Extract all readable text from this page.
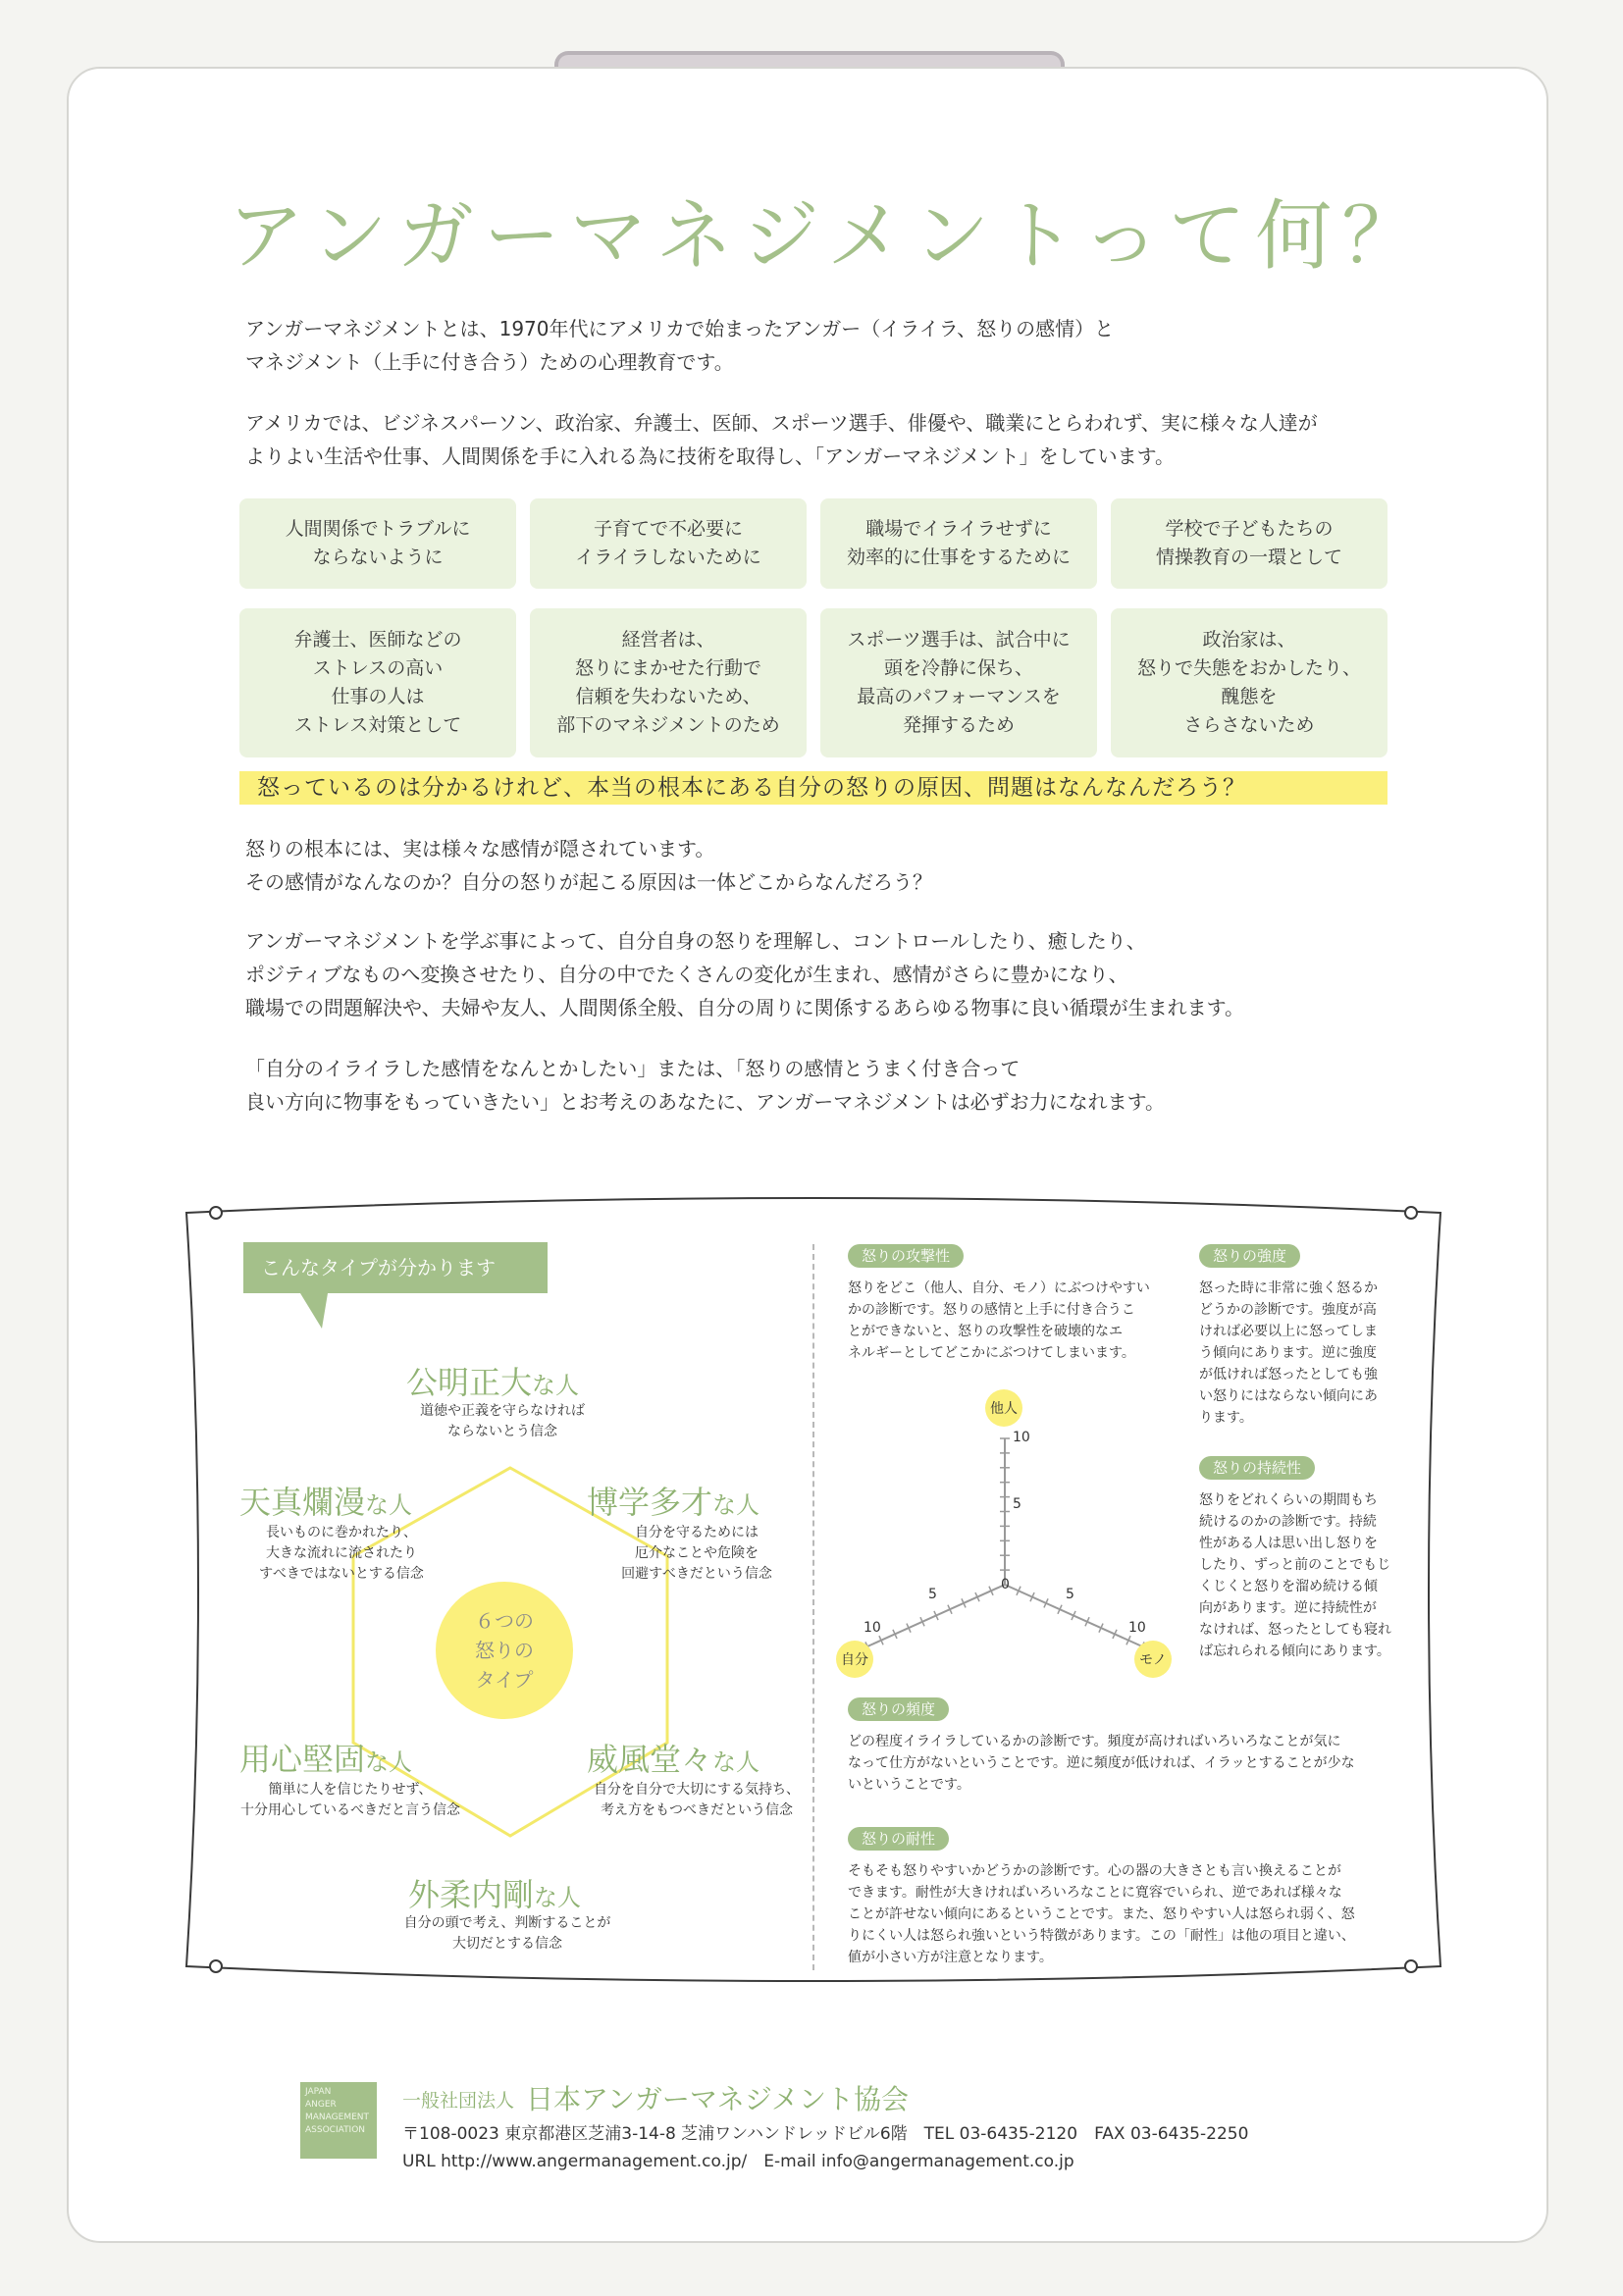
アンガーマネジメントって何？

アンガーマネジメントとは、1970年代にアメリカで始まったアンガー（イライラ、怒りの感情）と

マネジメント（上手に付き合う）ための心理教育です。

アメリカでは、ビジネスパーソン、政治家、弁護士、医師、スポーツ選手、俳優や、職業にとらわれず、実に様々な人達が

よりよい生活や仕事、人間関係を手に入れる為に技術を取得し、「アンガーマネジメント」をしています。

人間関係でトラブルに
ならないように
子育てで不必要に
イライラしないために
職場でイライラせずに
効率的に仕事をするために
学校で子どもたちの
情操教育の一環として
弁護士、医師などの
ストレスの高い
仕事の人は
ストレス対策として
経営者は、
怒りにまかせた行動で
信頼を失わないため、
部下のマネジメントのため
スポーツ選手は、試合中に
頭を冷静に保ち、
最高のパフォーマンスを
発揮するため
政治家は、
怒りで失態をおかしたり、
醜態を
さらさないため
怒っているのは分かるけれど、本当の根本にある自分の怒りの原因、問題はなんなんだろう？

怒りの根本には、実は様々な感情が隠されています。

その感情がなんなのか？自分の怒りが起こる原因は一体どこからなんだろう？

アンガーマネジメントを学ぶ事によって、自分自身の怒りを理解し、コントロールしたり、癒したり、

ポジティブなものへ変換させたり、自分の中でたくさんの変化が生まれ、感情がさらに豊かになり、

職場での問題解決や、夫婦や友人、人間関係全般、自分の周りに関係するあらゆる物事に良い循環が生まれます。

「自分のイライラした感情をなんとかしたい」または、「怒りの感情とうまく付き合って

良い方向に物事をもっていきたい」とお考えのあなたに、アンガーマネジメントは必ずお力になれます。

こんなタイプが分かります
６つの
怒りの
タイプ
公明正大な人
道徳や正義を守らなければ
ならないとう信念
天真爛漫な人
長いものに巻かれたり、
大きな流れに流されたり
すべきではないとする信念
博学多才な人
自分を守るためには
厄介なことや危険を
回避すべきだという信念
用心堅固な人
簡単に人を信じたりせず、
十分用心しているべきだと言う信念
威風堂々な人
自分を自分で大切にする気持ち、
考え方をもつべきだという信念
外柔内剛な人
自分の頭で考え、判断することが
大切だとする信念
怒りの攻撃性

怒りをどこ（他人、自分、モノ）にぶつけやすい

かの診断です。怒りの感情と上手に付き合うこ

とができないと、怒りの攻撃性を破壊的なエ

ネルギーとしてどこかにぶつけてしまいます。

怒りの強度

怒った時に非常に強く怒るか

どうかの診断です。強度が高

ければ必要以上に怒ってしま

う傾向にあります。逆に強度

が低ければ怒ったとしても強

い怒りにはならない傾向にあ

ります。

怒りの持続性

怒りをどれくらいの期間もち

続けるのかの診断です。持続

性がある人は思い出し怒りを

したり、ずっと前のことでもじ

くじくと怒りを溜め続ける傾

向があります。逆に持続性が

なければ、怒ったとしても寝れ

ば忘れられる傾向にあります。

他人
自分	モノ
0
5
10
5
10
5
10
怒りの頻度

どの程度イライラしているかの診断です。頻度が高ければいろいろなことが気に

なって仕方がないということです。逆に頻度が低ければ、イラッとすることが少な

いということです。

怒りの耐性

そもそも怒りやすいかどうかの診断です。心の器の大きさとも言い換えることが

できます。耐性が大きければいろいろなことに寛容でいられ、逆であれば様々な

ことが許せない傾向にあるということです。また、怒りやすい人は怒られ弱く、怒

りにくい人は怒られ強いという特徴があります。この「耐性」は他の項目と違い、

値が小さい方が注意となります。

JAPAN
ANGER
MANAGEMENT
ASSOCIATION
一般社団法人 日本アンガーマネジメント協会
〒108-0023 東京都港区芝浦3-14-8 芝浦ワンハンドレッドビル6階　TEL 03-6435-2120　FAX 03-6435-2250
URL http://www.angermanagement.co.jp/　E-mail info@angermanagement.co.jp
